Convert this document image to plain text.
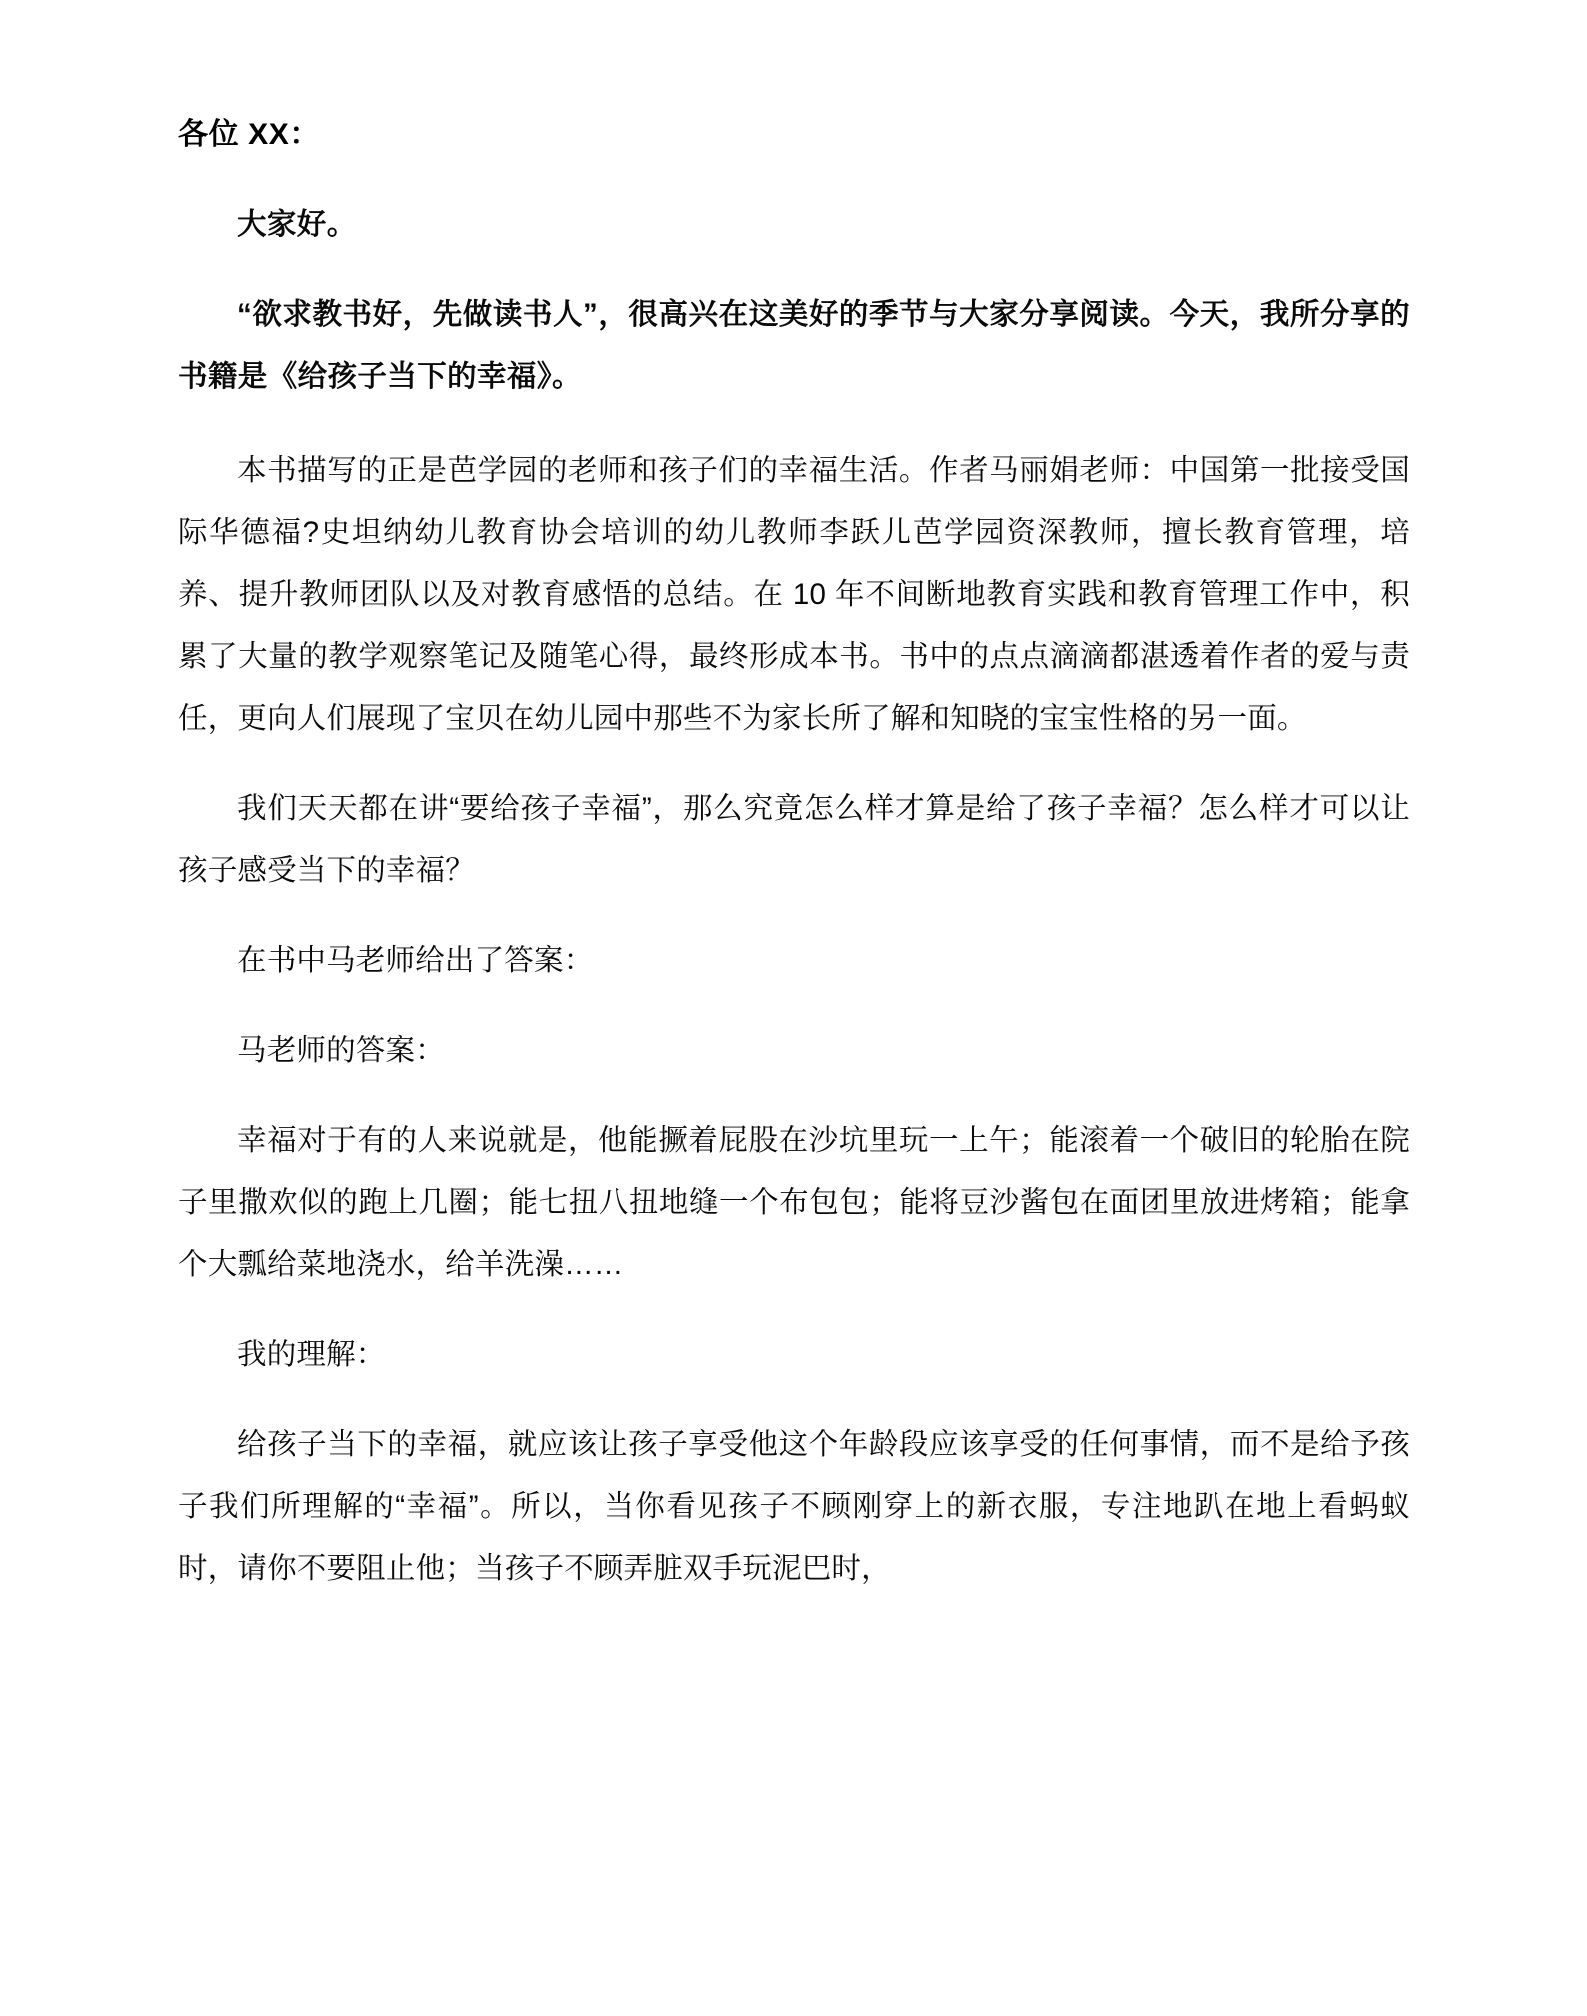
各位 XX：

大家好。

“欲求教书好，先做读书人”，很高兴在这美好的季节与大家分享阅读。今天，我所分享的书籍是《给孩子当下的幸福》。

本书描写的正是芭学园的老师和孩子们的幸福生活。作者马丽娟老师：中国第一批接受国际华德福?史坦纳幼儿教育协会培训的幼儿教师李跃儿芭学园资深教师，擅长教育管理，培养、提升教师团队以及对教育感悟的总结。在 10 年不间断地教育实践和教育管理工作中，积累了大量的教学观察笔记及随笔心得，最终形成本书。书中的点点滴滴都湛透着作者的爱与责任，更向人们展现了宝贝在幼儿园中那些不为家长所了解和知晓的宝宝性格的另一面。

我们天天都在讲“要给孩子幸福”，那么究竟怎么样才算是给了孩子幸福？怎么样才可以让孩子感受当下的幸福？

在书中马老师给出了答案：

马老师的答案：

幸福对于有的人来说就是，他能撅着屁股在沙坑里玩一上午；能滚着一个破旧的轮胎在院子里撒欢似的跑上几圈；能七扭八扭地缝一个布包包；能将豆沙酱包在面团里放进烤箱；能拿个大瓢给菜地浇水，给羊洗澡……

我的理解：

给孩子当下的幸福，就应该让孩子享受他这个年龄段应该享受的任何事情，而不是给予孩子我们所理解的“幸福”。所以，当你看见孩子不顾刚穿上的新衣服，专注地趴在地上看蚂蚁时，请你不要阻止他；当孩子不顾弄脏双手玩泥巴时，
